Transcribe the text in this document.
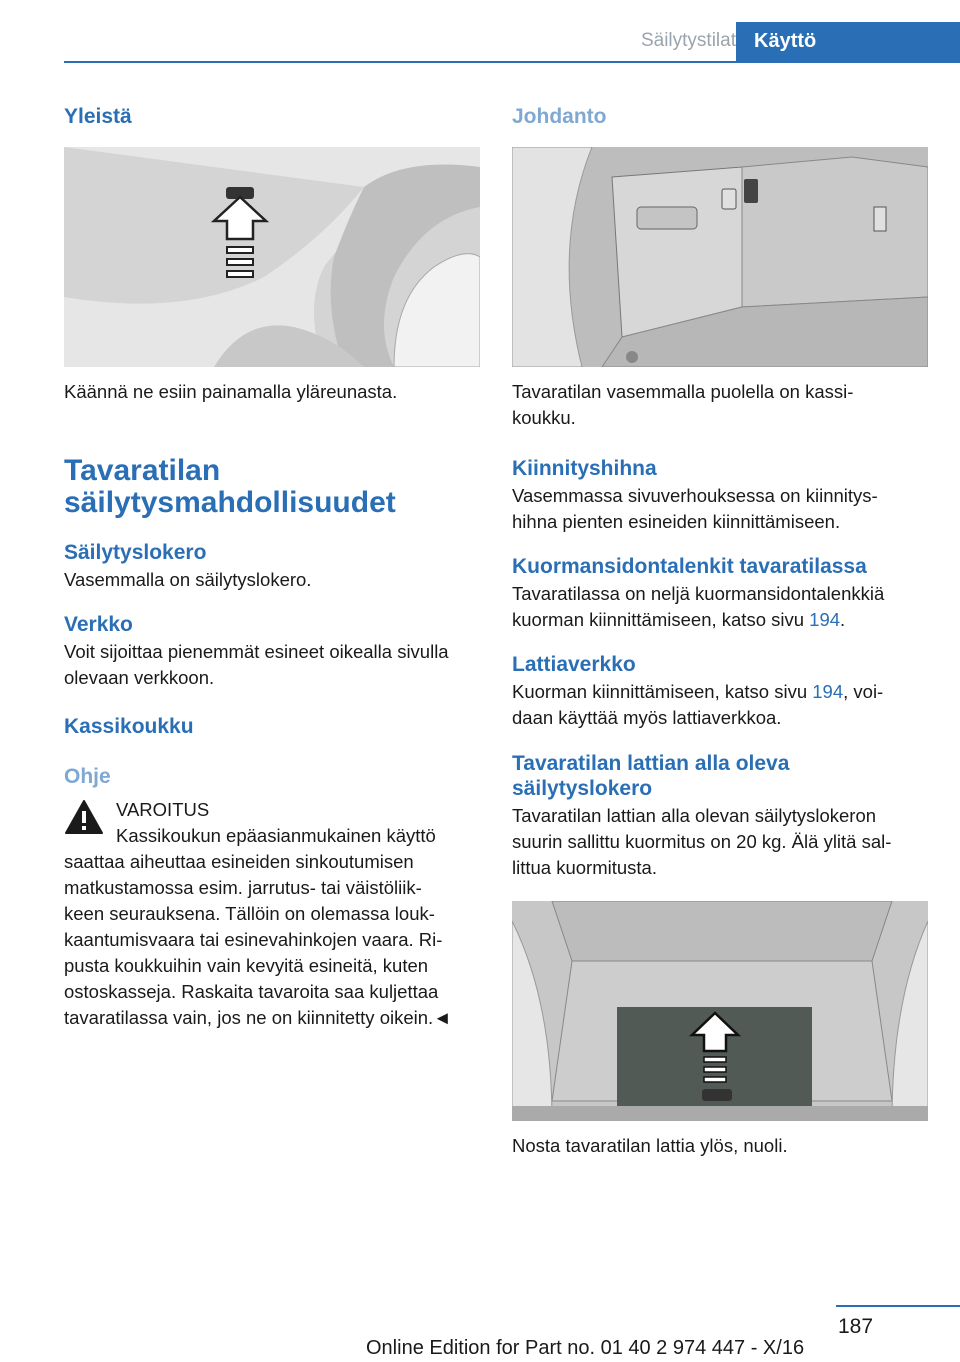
Säilytystilat Käyttö

Yleistä

Käännä ne esiin painamalla yläreunasta.

Tavaratilan

säilytysmahdollisuudet

Säilytyslokero

Vasemmalla on säilytyslokero.

Verkko

Voit sijoittaa pienemmät esineet oikealla sivulla

olevaan verkkoon.

Kassikoukku

Ohje

VAROITUS

Kassikoukun epäasianmukainen käyttö

saattaa aiheuttaa esineiden sinkoutumisen

matkustamossa esim. jarrutus- tai väistöliik-

keen seurauksena. Tällöin on olemassa louk-

kaantumisvaara tai esinevahinkojen vaara. Ri-

pusta koukkuihin vain kevyitä esineitä, kuten

ostoskasseja. Raskaita tavaroita saa kuljettaa

tavaratilassa vain, jos ne on kiinnitetty oikein.◄

Johdanto

Tavaratilan vasemmalla puolella on kassi-

koukku.

Kiinnityshihna

Vasemmassa sivuverhouksessa on kiinnitys-

hihna pienten esineiden kiinnittämiseen.

Kuormansidontalenkit tavaratilassa

Tavaratilassa on neljä kuormansidontalenkkiä

kuorman kiinnittämiseen, katso sivu 194.

Lattiaverkko

Kuorman kiinnittämiseen, katso sivu 194, voi-

daan käyttää myös lattiaverkkoa.

Tavaratilan lattian alla oleva

säilytyslokero

Tavaratilan lattian alla olevan säilytyslokeron

suurin sallittu kuormitus on 20 kg. Älä ylitä sal-

littua kuormitusta.

Nosta tavaratilan lattia ylös, nuoli.

187
Online Edition for Part no. 01 40 2 974 447 - X/16
